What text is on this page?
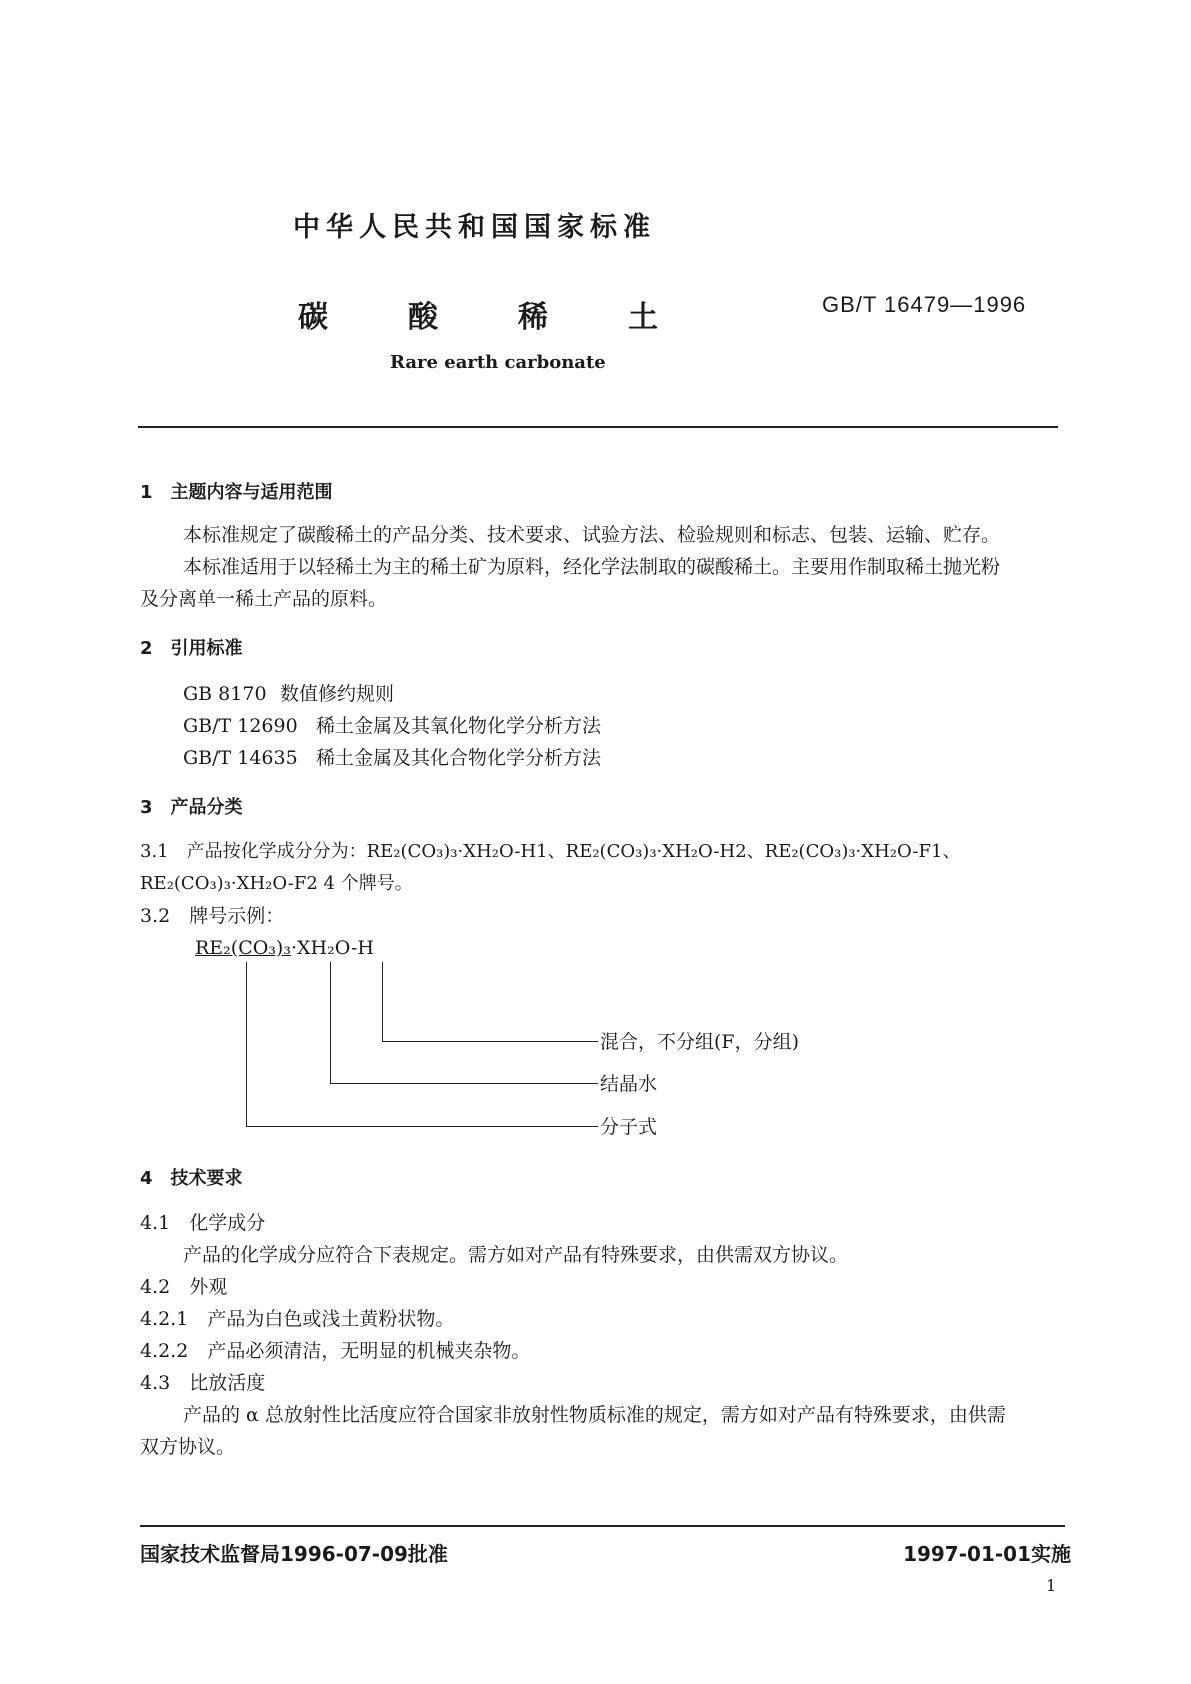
中华人民共和国国家标准
碳	酸	稀	土	GB/T 16479—1996
Rare earth carbonate
1　主题内容与适用范围
本标准规定了碳酸稀土的产品分类、技术要求、试验方法、检验规则和标志、包装、运输、贮存。
本标准适用于以轻稀土为主的稀土矿为原料，经化学法制取的碳酸稀土。主要用作制取稀土抛光粉
及分离单一稀土产品的原料。
2　引用标准
GB 8170 数值修约规则
GB/T 12690 稀土金属及其氧化物化学分析方法
GB/T 14635 稀土金属及其化合物化学分析方法
3　产品分类
3.1　产品按化学成分分为：RE₂(CO₃)₃·XH₂O-H1、RE₂(CO₃)₃·XH₂O-H2、RE₂(CO₃)₃·XH₂O-F1、
RE₂(CO₃)₃·XH₂O-F2 4 个牌号。
3.2　牌号示例：
RE₂(CO₃)₃·XH₂O-H
混合，不分组(F，分组)
结晶水
分子式
4　技术要求
4.1　化学成分
产品的化学成分应符合下表规定。需方如对产品有特殊要求，由供需双方协议。
4.2　外观
4.2.1　产品为白色或浅土黄粉状物。
4.2.2　产品必须清洁，无明显的机械夹杂物。
4.3　比放活度
产品的 α 总放射性比活度应符合国家非放射性物质标准的规定，需方如对产品有特殊要求，由供需
双方协议。
国家技术监督局1996-07-09批准	1997-01-01实施
1
